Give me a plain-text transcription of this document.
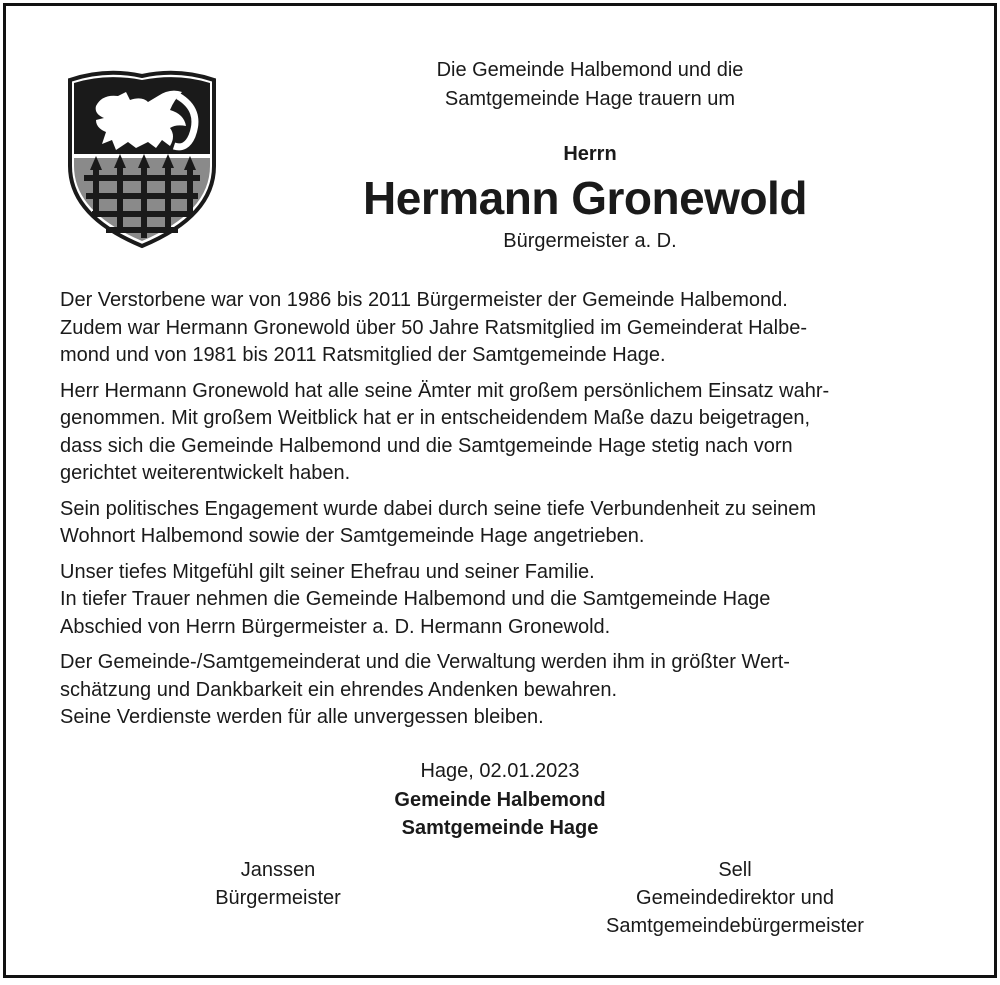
Die Gemeinde Halbemond und die
Samtgemeinde Hage trauern um
Herrn
Hermann Gronewold
Bürgermeister a. D.

Der Verstorbene war von 1986 bis 2011 Bürgermeister der Gemeinde Halbemond.
Zudem war Hermann Gronewold über 50 Jahre Ratsmitglied im Gemeinderat Halbe-
mond und von 1981 bis 2011 Ratsmitglied der Samtgemeinde Hage.

Herr Hermann Gronewold hat alle seine Ämter mit großem persönlichem Einsatz wahr-
genommen. Mit großem Weitblick hat er in entscheidendem Maße dazu beigetragen,
dass sich die Gemeinde Halbemond und die Samtgemeinde Hage stetig nach vorn
gerichtet weiterentwickelt haben.

Sein politisches Engagement wurde dabei durch seine tiefe Verbundenheit zu seinem
Wohnort Halbemond sowie der Samtgemeinde Hage angetrieben.

Unser tiefes Mitgefühl gilt seiner Ehefrau und seiner Familie.
In tiefer Trauer nehmen die Gemeinde Halbemond und die Samtgemeinde Hage
Abschied von Herrn Bürgermeister a. D. Hermann Gronewold.

Der Gemeinde-/Samtgemeinderat und die Verwaltung werden ihm in größter Wert-
schätzung und Dankbarkeit ein ehrendes Andenken bewahren.
Seine Verdienste werden für alle unvergessen bleiben.

Hage, 02.01.2023
Gemeinde Halbemond
Samtgemeinde Hage
Janssen
Bürgermeister
Sell
Gemeindedirektor und
Samtgemeindebürgermeister
